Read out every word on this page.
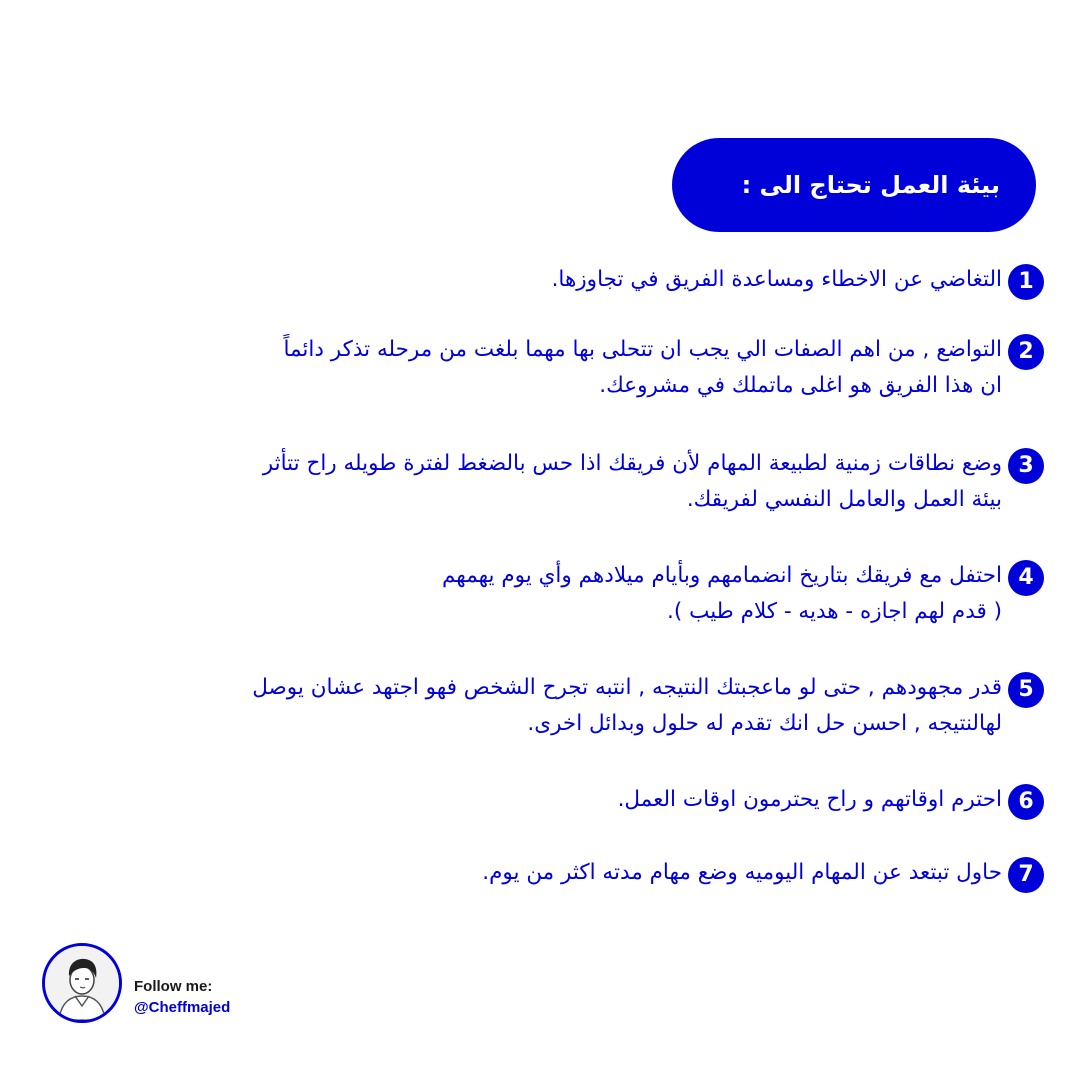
بيئة العمل تحتاج الى :
1
التغاضي عن الاخطاء ومساعدة الفريق في تجاوزها.
2
التواضع , من اهم الصفات الي يجب ان تتحلى بها مهما بلغت من مرحله تذكر دائماً
ان هذا الفريق هو اغلى ماتملك في مشروعك.
3
وضع نطاقات زمنية لطبيعة المهام لأن فريقك اذا حس بالضغط لفترة طويله راح تتأثر
بيئة العمل والعامل النفسي لفريقك.
4
احتفل مع فريقك بتاريخ انضمامهم وبأيام ميلادهم وأي يوم يهمهم
( قدم لهم اجازه - هديه - كلام طيب ).
5
قدر مجهودهم , حتى لو ماعجبتك النتيجه , انتبه تجرح الشخص فهو اجتهد عشان يوصل
لهالنتيجه , احسن حل انك تقدم له حلول وبدائل اخرى.
6
احترم اوقاتهم و راح يحترمون اوقات العمل.
7
حاول تبتعد عن المهام اليوميه وضع مهام مدته اكثر من يوم.
Follow me:
@Cheffmajed
